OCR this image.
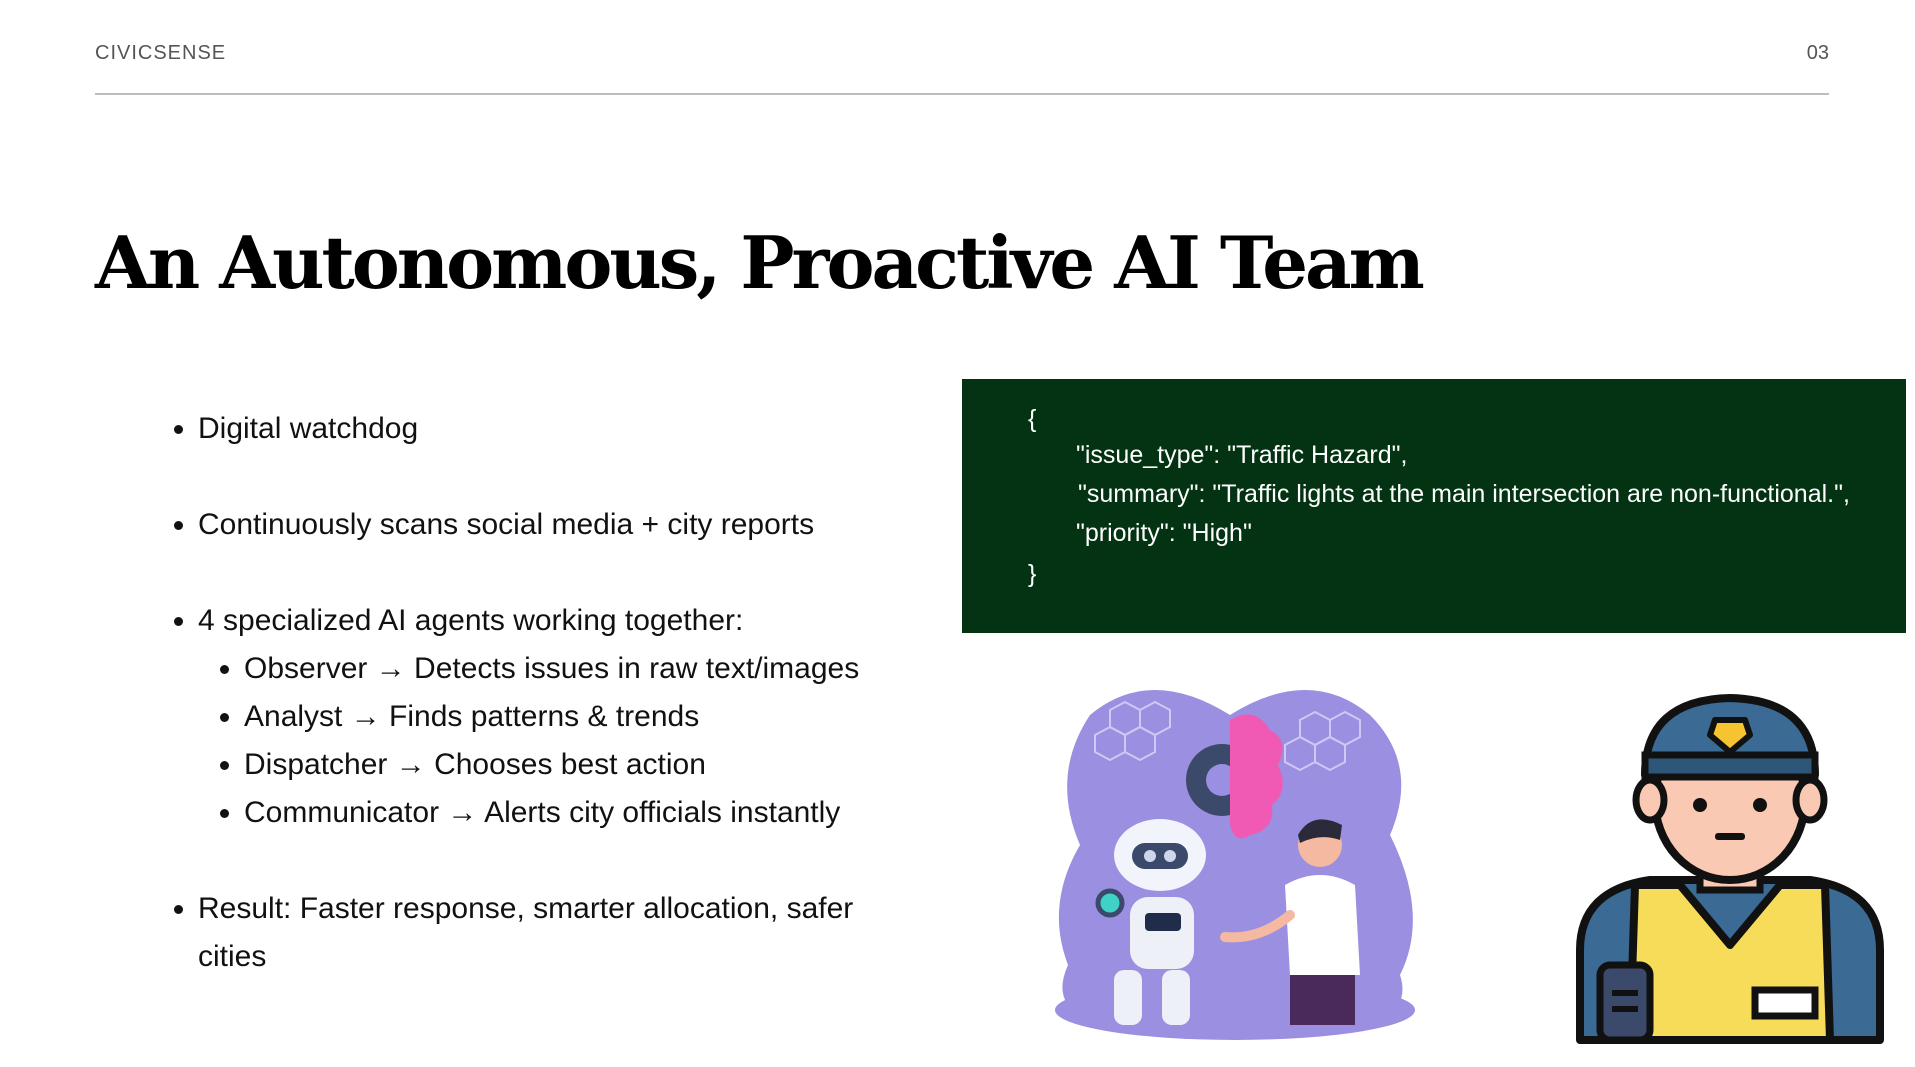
CIVICSENSE	03
An Autonomous, Proactive AI Team
• Digital watchdog
• Continuously scans social media + city reports
• 4 specialized AI agents working together:
• Observer → Detects issues in raw text/images
• Analyst → Finds patterns & trends
• Dispatcher → Chooses best action
• Communicator → Alerts city officials instantly
• Result: Faster response, smarter allocation, safer cities
{
"issue_type": "Traffic Hazard",
"summary": "Traffic lights at the main intersection are non-functional.",
"priority": "High"
}
